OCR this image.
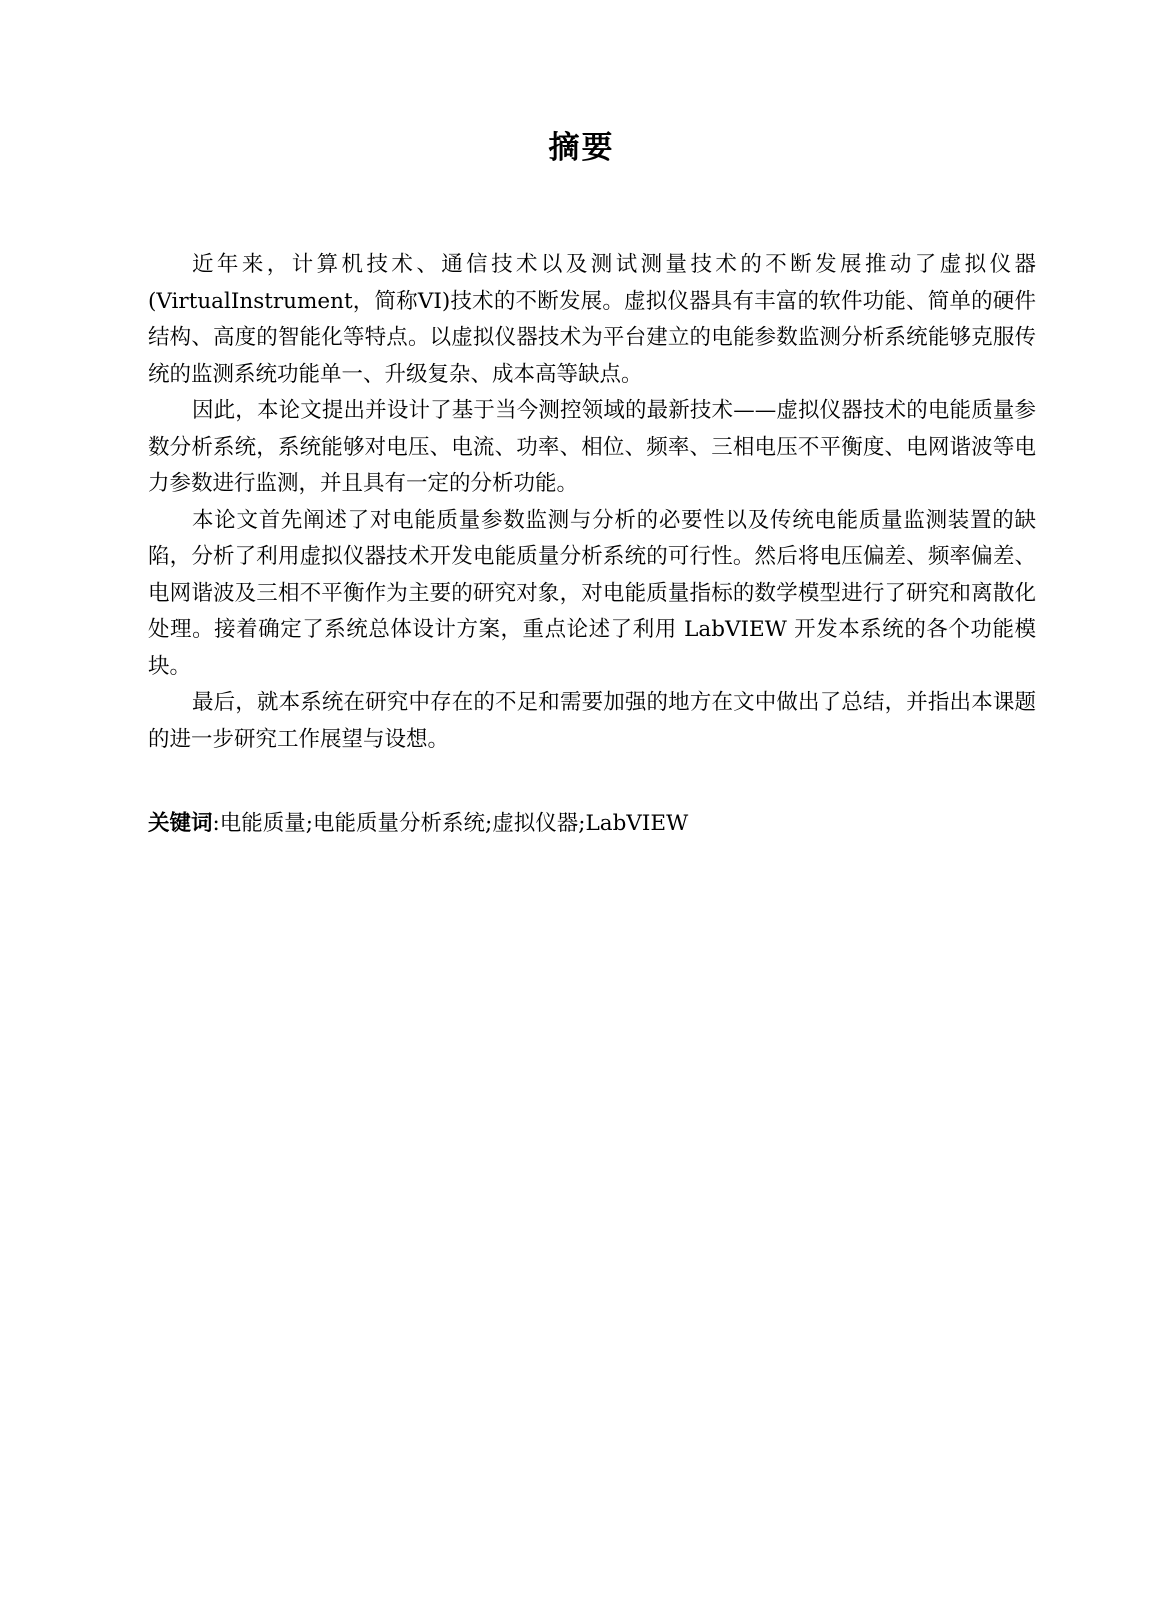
摘要

近年来，计算机技术、通信技术以及测试测量技术的不断发展推动了虚拟仪器(VirtualInstrument，简称VI)技术的不断发展。虚拟仪器具有丰富的软件功能、简单的硬件结构、高度的智能化等特点。以虚拟仪器技术为平台建立的电能参数监测分析系统能够克服传统的监测系统功能单一、升级复杂、成本高等缺点。

因此，本论文提出并设计了基于当今测控领域的最新技术——虚拟仪器技术的电能质量参数分析系统，系统能够对电压、电流、功率、相位、频率、三相电压不平衡度、电网谐波等电力参数进行监测，并且具有一定的分析功能。

本论文首先阐述了对电能质量参数监测与分析的必要性以及传统电能质量监测装置的缺陷，分析了利用虚拟仪器技术开发电能质量分析系统的可行性。然后将电压偏差、频率偏差、电网谐波及三相不平衡作为主要的研究对象，对电能质量指标的数学模型进行了研究和离散化处理。接着确定了系统总体设计方案，重点论述了利用 LabVIEW 开发本系统的各个功能模块。

最后，就本系统在研究中存在的不足和需要加强的地方在文中做出了总结，并指出本课题的进一步研究工作展望与设想。

关键词:电能质量;电能质量分析系统;虚拟仪器;LabVIEW
